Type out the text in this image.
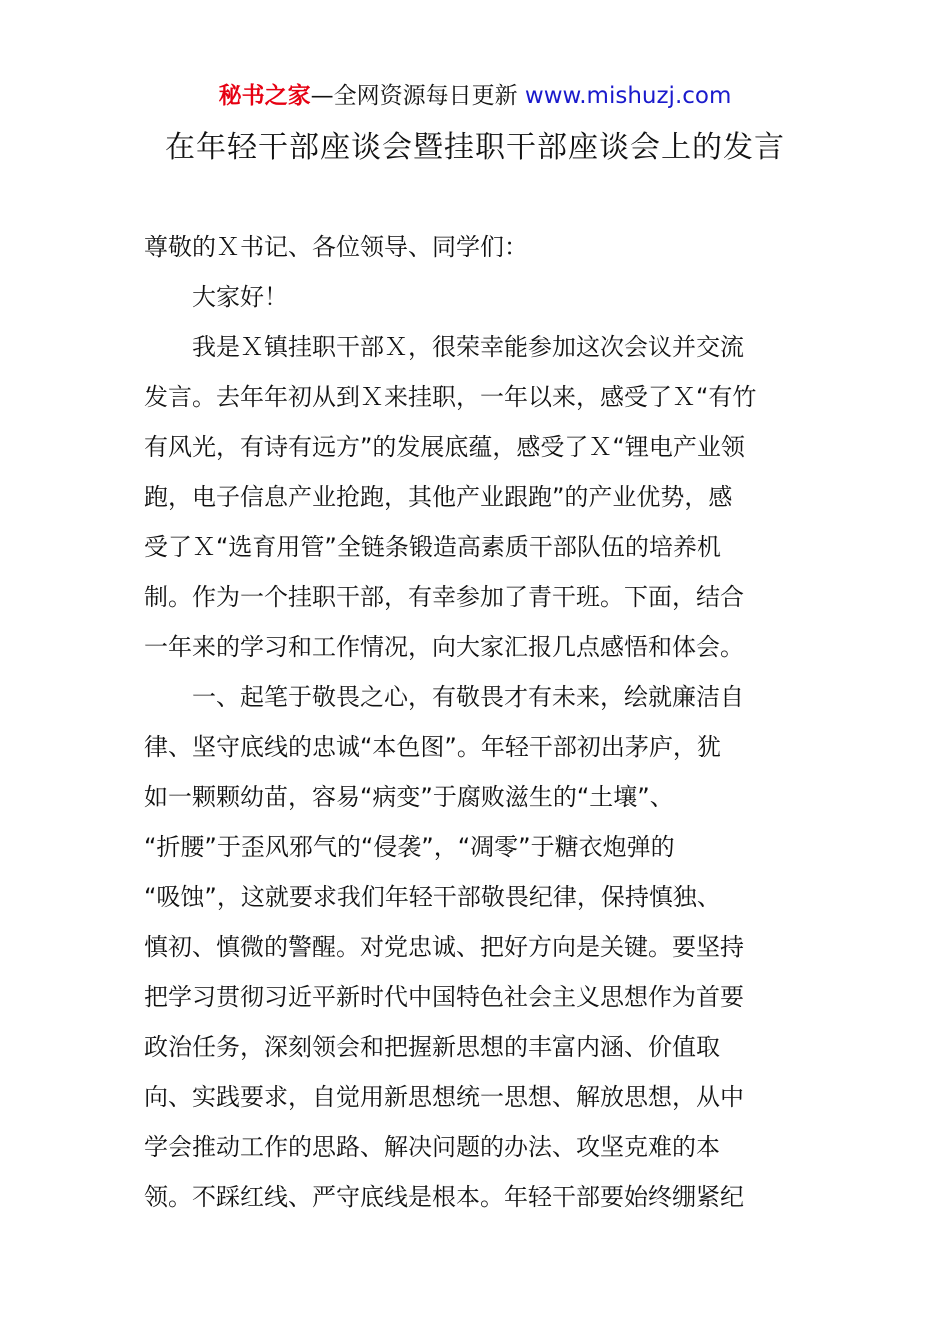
秘书之家—全网资源每日更新 www.mishuzj.com
在年轻干部座谈会暨挂职干部座谈会上的发言

尊敬的Ｘ书记、各位领导、同学们：

大家好！

我是Ｘ镇挂职干部Ｘ，很荣幸能参加这次会议并交流
发言。去年年初从到Ｘ来挂职，一年以来，感受了Ｘ“有竹
有风光，有诗有远方”的发展底蕴，感受了Ｘ“锂电产业领
跑，电子信息产业抢跑，其他产业跟跑”的产业优势，感
受了Ｘ“选育用管”全链条锻造高素质干部队伍的培养机
制。作为一个挂职干部，有幸参加了青干班。下面，结合
一年来的学习和工作情况，向大家汇报几点感悟和体会。

一、起笔于敬畏之心，有敬畏才有未来，绘就廉洁自
律、坚守底线的忠诚“本色图”。年轻干部初出茅庐，犹
如一颗颗幼苗，容易“病变”于腐败滋生的“土壤”、
“折腰”于歪风邪气的“侵袭”，“凋零”于糖衣炮弹的
“吸蚀”，这就要求我们年轻干部敬畏纪律，保持慎独、
慎初、慎微的警醒。对党忠诚、把好方向是关键。要坚持
把学习贯彻习近平新时代中国特色社会主义思想作为首要
政治任务，深刻领会和把握新思想的丰富内涵、价值取
向、实践要求，自觉用新思想统一思想、解放思想，从中
学会推动工作的思路、解决问题的办法、攻坚克难的本
领。不踩红线、严守底线是根本。年轻干部要始终绷紧纪
